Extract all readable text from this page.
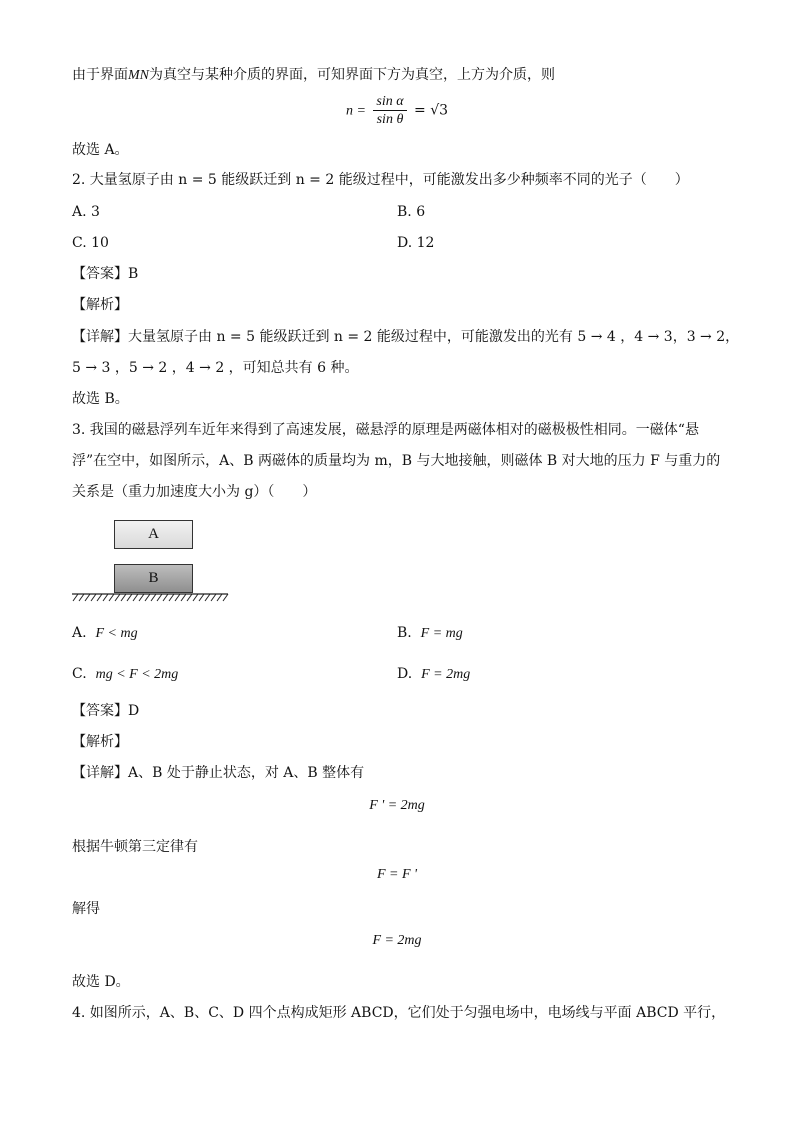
由于界面MN为真空与某种介质的界面，可知界面下方为真空，上方为介质，则
$n = \frac{\text{sin α}}{\text{sin θ}} = √3$
故选 A。
2. 大量氢原子由 n = 5 能级跃迁到 n = 2 能级过程中，可能激发出多少种频率不同的光子（　　）
A. 3	B. 6
C. 10	D. 12
【答案】B
【解析】
【详解】大量氢原子由 n = 5 能级跃迁到 n = 2 能级过程中，可能激发出的光有 5 → 4 ，4 → 3，3 → 2，
5 → 3 ，5 → 2 ，4 → 2 ，可知总共有 6 种。
故选 B。
3. 我国的磁悬浮列车近年来得到了高速发展，磁悬浮的原理是两磁体相对的磁极极性相同。一磁体“悬
浮”在空中，如图所示，A、B 两磁体的质量均为 m，B 与大地接触，则磁体 B 对大地的压力 F 与重力的
关系是（重力加速度大小为 g）（　　）
A
B
A. F < mg	B. F = mg
C. mg < F < 2mg	D. F = 2mg
【答案】D
【解析】
【详解】A、B 处于静止状态，对 A、B 整体有
F ' = 2mg
根据牛顿第三定律有
F = F '
解得
F = 2mg
故选 D。
4. 如图所示，A、B、C、D 四个点构成矩形 ABCD，它们处于匀强电场中，电场线与平面 ABCD 平行，
